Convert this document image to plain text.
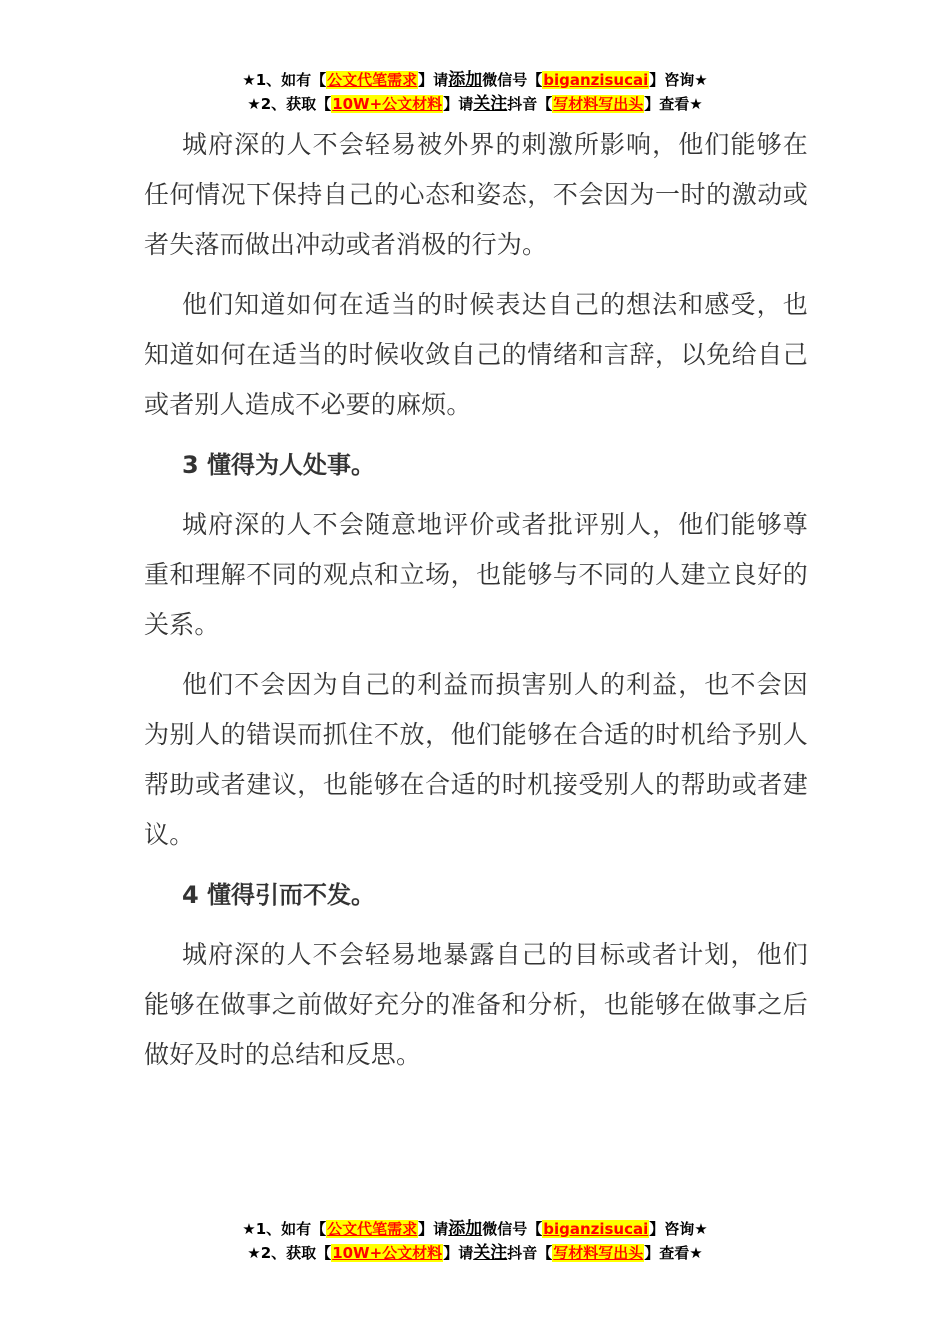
★1、如有【公文代笔需求】请添加微信号【biganzisucai】咨询★
★2、获取【10W+公文材料】请关注抖音【写材料写出头】查看★

城府深的人不会轻易被外界的刺激所影响，他们能够在任何情况下保持自己的心态和姿态，不会因为一时的激动或者失落而做出冲动或者消极的行为。

他们知道如何在适当的时候表达自己的想法和感受，也知道如何在适当的时候收敛自己的情绪和言辞，以免给自己或者别人造成不必要的麻烦。

3 懂得为人处事。

城府深的人不会随意地评价或者批评别人，他们能够尊重和理解不同的观点和立场，也能够与不同的人建立良好的关系。

他们不会因为自己的利益而损害别人的利益，也不会因为别人的错误而抓住不放，他们能够在合适的时机给予别人帮助或者建议，也能够在合适的时机接受别人的帮助或者建议。

4 懂得引而不发。

城府深的人不会轻易地暴露自己的目标或者计划，他们能够在做事之前做好充分的准备和分析，也能够在做事之后做好及时的总结和反思。

★1、如有【公文代笔需求】请添加微信号【biganzisucai】咨询★
★2、获取【10W+公文材料】请关注抖音【写材料写出头】查看★
